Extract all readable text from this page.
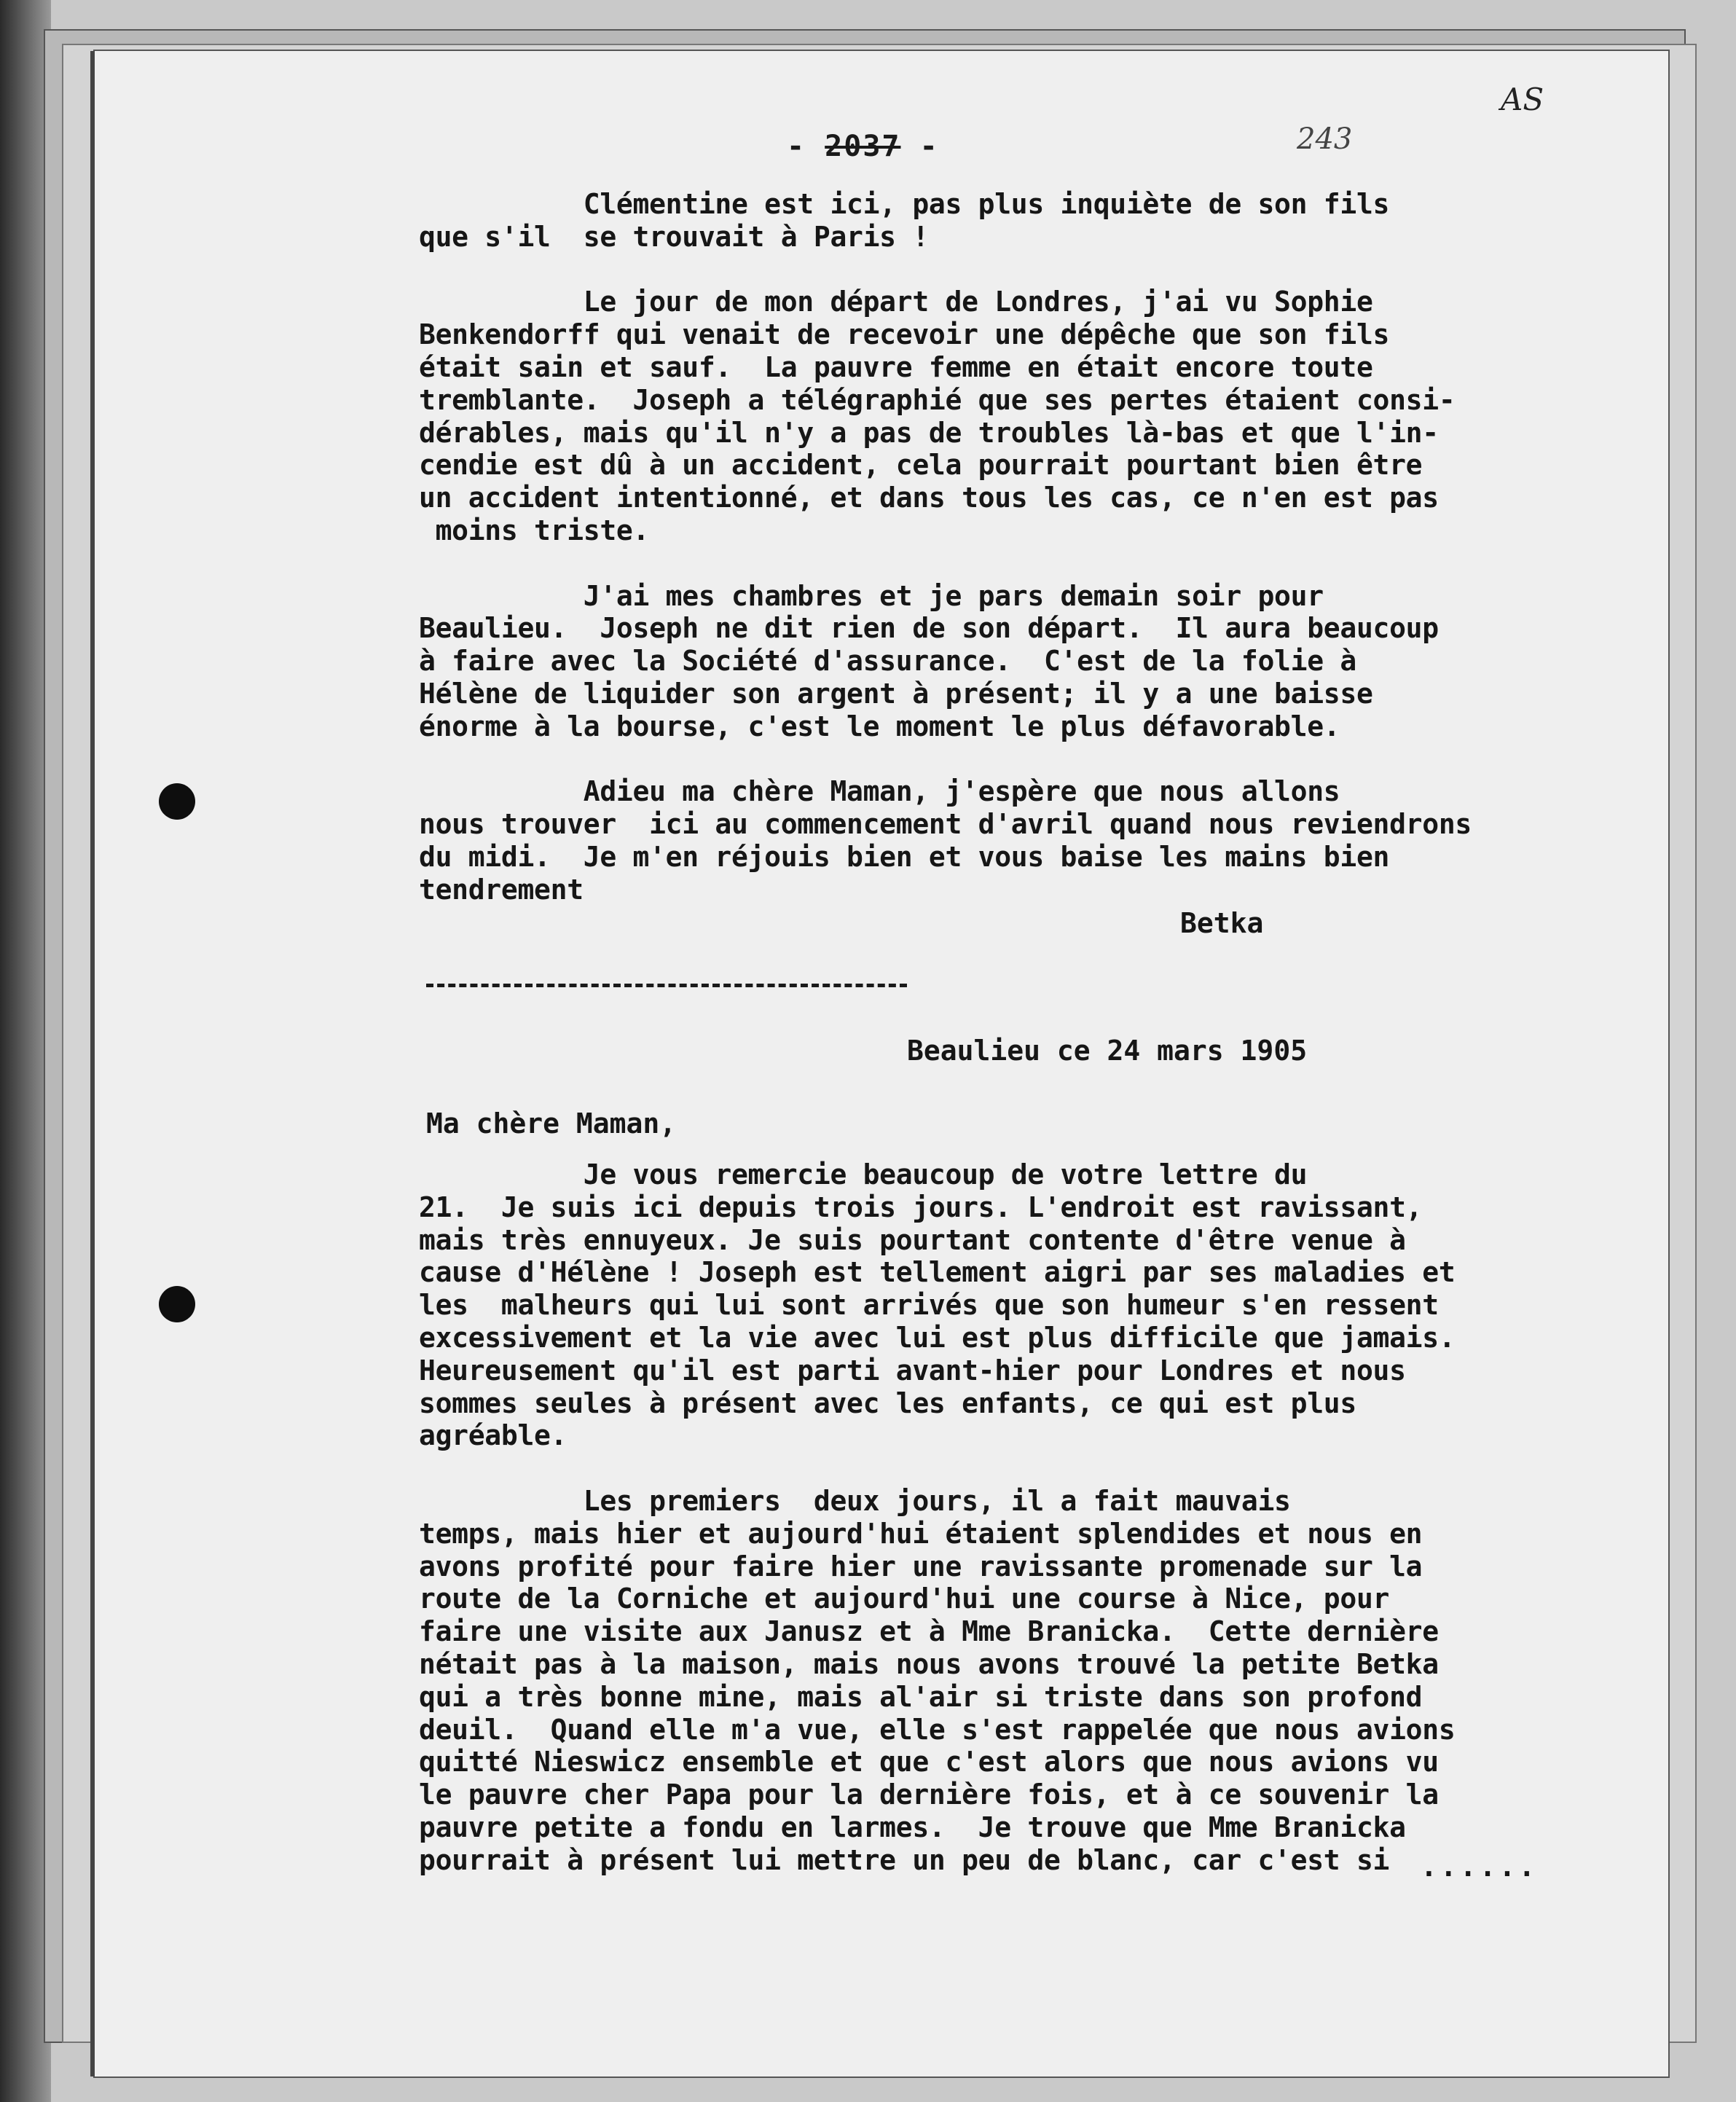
- 2037 -	243
AS
Clémentine est ici, pas plus inquiète de son fils
que s'il  se trouvait à Paris !

Le jour de mon départ de Londres, j'ai vu Sophie
Benkendorff qui venait de recevoir une dépêche que son fils
était sain et sauf.  La pauvre femme en était encore toute
tremblante.  Joseph a télégraphié que ses pertes étaient consi-
dérables, mais qu'il n'y a pas de troubles là-bas et que l'in-
cendie est dû à un accident, cela pourrait pourtant bien être
un accident intentionné, et dans tous les cas, ce n'en est pas
moins triste.

J'ai mes chambres et je pars demain soir pour
Beaulieu.  Joseph ne dit rien de son départ.  Il aura beaucoup
à faire avec la Société d'assurance.  C'est de la folie à
Hélène de liquider son argent à présent; il y a une baisse
énorme à la bourse, c'est le moment le plus défavorable.

Adieu ma chère Maman, j'espère que nous allons
nous trouver  ici au commencement d'avril quand nous reviendrons
du midi.  Je m'en réjouis bien et vous baise les mains bien
tendrement
Betka
Beaulieu ce 24 mars 1905
Ma chère Maman,
Je vous remercie beaucoup de votre lettre du
21.  Je suis ici depuis trois jours. L'endroit est ravissant,
mais très ennuyeux. Je suis pourtant contente d'être venue à
cause d'Hélène ! Joseph est tellement aigri par ses maladies et
les  malheurs qui lui sont arrivés que son humeur s'en ressent
excessivement et la vie avec lui est plus difficile que jamais.
Heureusement qu'il est parti avant-hier pour Londres et nous
sommes seules à présent avec les enfants, ce qui est plus
agréable.

Les premiers  deux jours, il a fait mauvais
temps, mais hier et aujourd'hui étaient splendides et nous en
avons profité pour faire hier une ravissante promenade sur la
route de la Corniche et aujourd'hui une course à Nice, pour
faire une visite aux Janusz et à Mme Branicka.  Cette dernière
nétait pas à la maison, mais nous avons trouvé la petite Betka
qui a très bonne mine, mais al'air si triste dans son profond
deuil.  Quand elle m'a vue, elle s'est rappelée que nous avions
quitté Nieswicz ensemble et que c'est alors que nous avions vu
le pauvre cher Papa pour la dernière fois, et à ce souvenir la
pauvre petite a fondu en larmes.  Je trouve que Mme Branicka
pourrait à présent lui mettre un peu de blanc, car c'est si	......
